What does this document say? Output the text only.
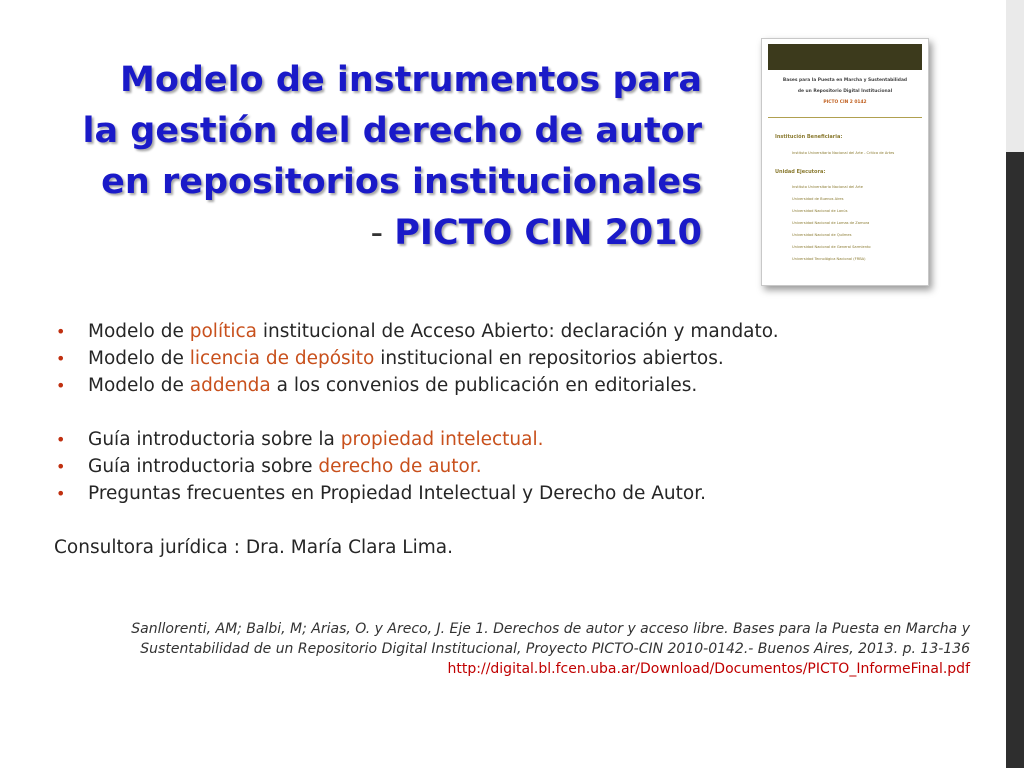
Modelo de instrumentos para
la gestión del derecho de autor
en repositorios institucionales
- PICTO CIN 2010
Bases para la Puesta en Marcha y Sustentabilidad
de un Repositorio Digital Institucional
PICTO CIN 2 0142
Institución Beneficiaria:
Instituto Universitario Nacional del Arte - Critica de Artes
Unidad Ejecutora:
Instituto Universitario Nacional del Arte
Universidad de Buenos Aires
Universidad Nacional de Lanús
Universidad Nacional de Lomas de Zamora
Universidad Nacional de Quilmes
Universidad Nacional de General Sarmiento
Universidad Tecnológica Nacional (FRBA)
• Modelo de política institucional de Acceso Abierto: declaración y mandato.
• Modelo de licencia de depósito institucional en repositorios abiertos.
• Modelo de addenda a los convenios de publicación en editoriales.
• Guía introductoria sobre la propiedad intelectual.
• Guía introductoria sobre derecho de autor.
• Preguntas frecuentes en Propiedad Intelectual y Derecho de Autor.
Consultora jurídica : Dra. María Clara Lima.
Sanllorenti, AM; Balbi, M; Arias, O. y Areco, J. Eje 1. Derechos de autor y acceso libre. Bases para la Puesta en Marcha y
Sustentabilidad de un Repositorio Digital Institucional, Proyecto PICTO-CIN 2010-0142.- Buenos Aires, 2013. p. 13-136
http://digital.bl.fcen.uba.ar/Download/Documentos/PICTO_InformeFinal.pdf
